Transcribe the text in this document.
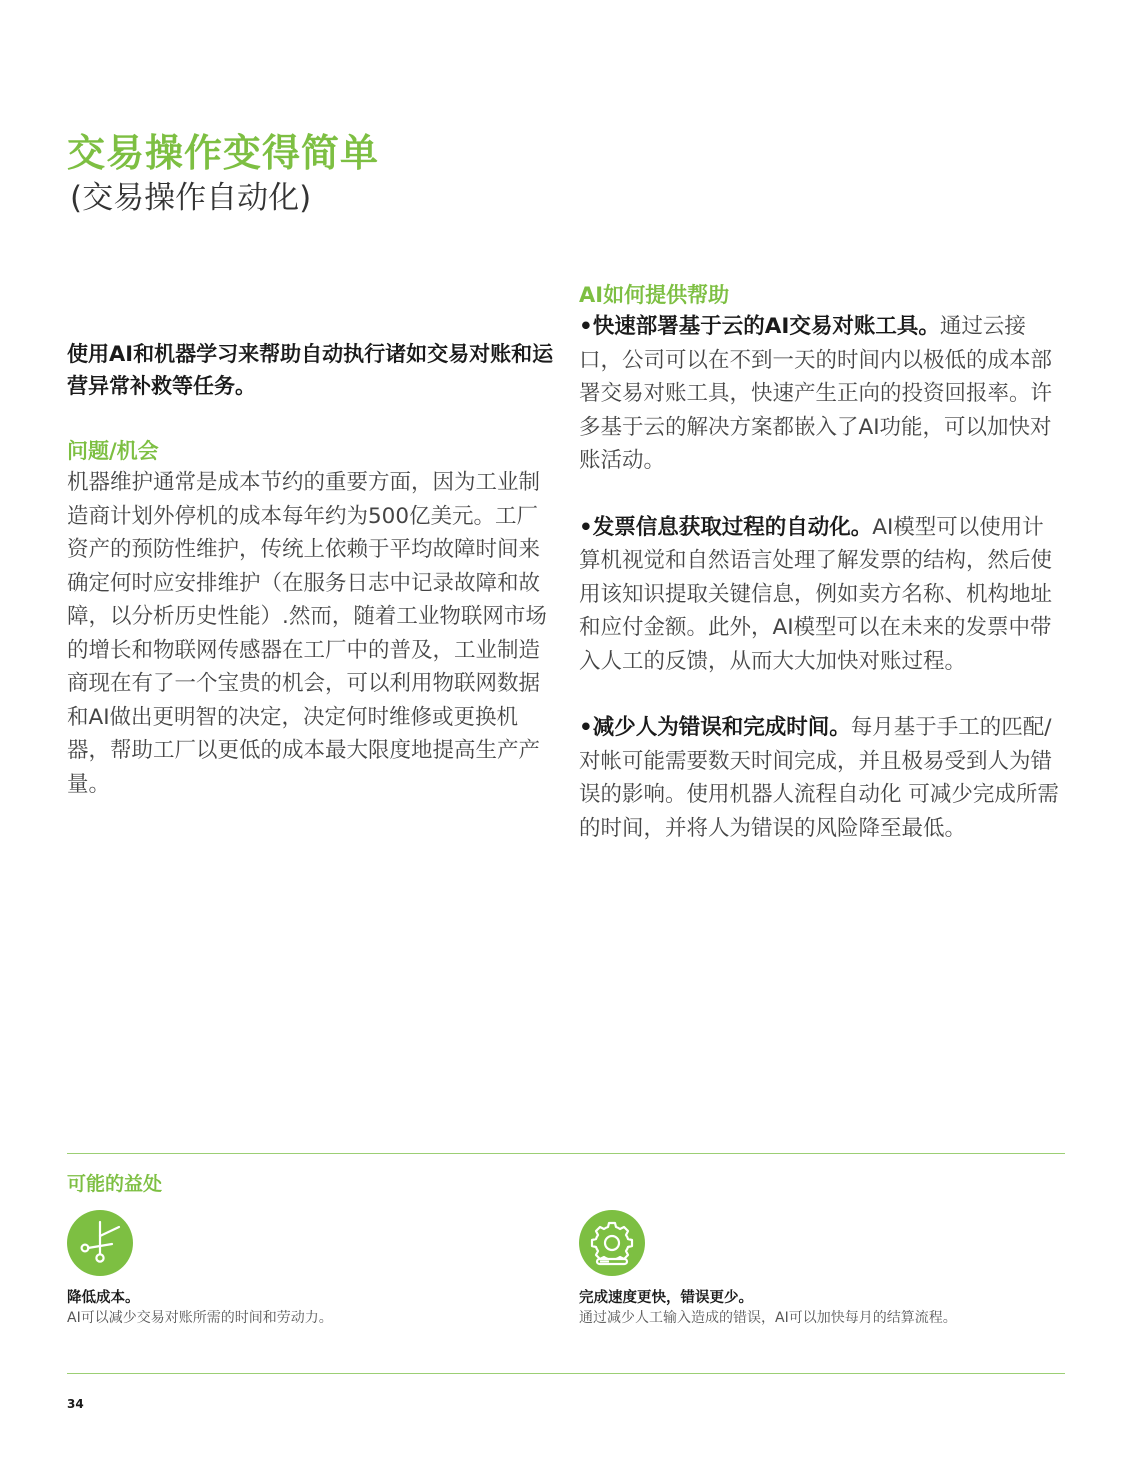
交易操作变得简单
(交易操作自动化)

使用AI和机器学习来帮助自动执行诸如交易对账和运营异常补救等任务。

问题/机会

机器维护通常是成本节约的重要方面，因为工业制造商计划外停机的成本每年约为500亿美元。工厂资产的预防性维护，传统上依赖于平均故障时间来确定何时应安排维护（在服务日志中记录故障和故障，以分析历史性能）.然而，随着工业物联网市场的增长和物联网传感器在工厂中的普及，工业制造商现在有了一个宝贵的机会，可以利用物联网数据和AI做出更明智的决定，决定何时维修或更换机器，帮助工厂以更低的成本最大限度地提高生产产量。

AI如何提供帮助

•快速部署基于云的AI交易对账工具。通过云接口，公司可以在不到一天的时间内以极低的成本部署交易对账工具，快速产生正向的投资回报率。许多基于云的解决方案都嵌入了AI功能，可以加快对账活动。

•发票信息获取过程的自动化。AI模型可以使用计算机视觉和自然语言处理了解发票的结构，然后使用该知识提取关键信息，例如卖方名称、机构地址和应付金额。此外，AI模型可以在未来的发票中带入人工的反馈，从而大大加快对账过程。

•减少人为错误和完成时间。每月基于手工的匹配/对帐可能需要数天时间完成，并且极易受到人为错误的影响。使用机器人流程自动化 可减少完成所需的时间，并将人为错误的风险降至最低。

可能的益处
降低成本。
AI可以减少交易对账所需的时间和劳动力。
完成速度更快，错误更少。
通过减少人工输入造成的错误，AI可以加快每月的结算流程。
34
